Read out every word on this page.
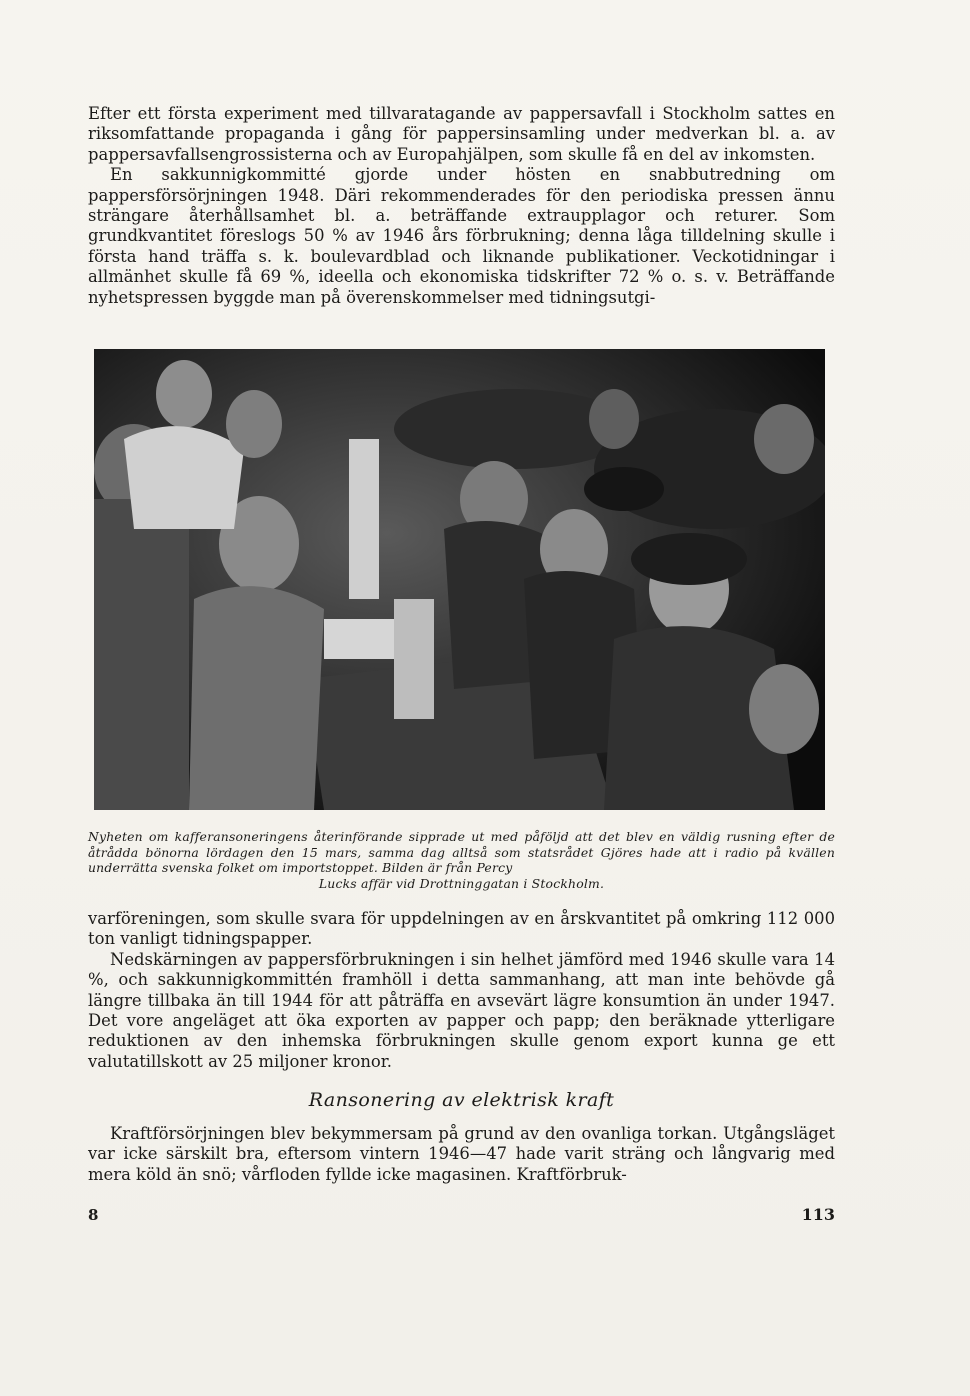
Efter ett första experiment med tillvaratagande av pappersavfall i Stockholm sattes en riksomfattande propaganda i gång för pappersinsamling under medverkan bl. a. av pappersavfallsengrossisterna och av Europahjälpen, som skulle få en del av inkomsten.

En sakkunnigkommitté gjorde under hösten en snabbutredning om pappersförsörjningen 1948. Däri rekommenderades för den periodiska pressen ännu strängare återhållsamhet bl. a. beträffande extraupplagor och returer. Som grundkvantitet föreslogs 50 % av 1946 års förbrukning; denna låga tilldelning skulle i första hand träffa s. k. boulevardblad och liknande publikationer. Veckotidningar i allmänhet skulle få 69 %, ideella och ekonomiska tidskrifter 72 % o. s. v. Beträffande nyhetspressen byggde man på överenskommelser med tidningsutgi-

Nyheten om kafferansoneringens återinförande sipprade ut med påföljd att det blev en väldig rusning efter de åtrådda bönorna lördagen den 15 mars, samma dag alltså som statsrådet Gjöres hade att i radio på kvällen underrätta svenska folket om importstoppet. Bilden är från Percy
Lucks affär vid Drottninggatan i Stockholm.

varföreningen, som skulle svara för uppdelningen av en årskvantitet på omkring 112 000 ton vanligt tidningspapper.

Nedskärningen av pappersförbrukningen i sin helhet jämförd med 1946 skulle vara 14 %, och sakkunnigkommittén framhöll i detta sammanhang, att man inte behövde gå längre tillbaka än till 1944 för att påträffa en avsevärt lägre konsumtion än under 1947. Det vore angeläget att öka exporten av papper och papp; den beräknade ytterligare reduktionen av den inhemska förbrukningen skulle genom export kunna ge ett valutatillskott av 25 miljoner kronor.

Ransonering av elektrisk kraft

Kraftförsörjningen blev bekymmersam på grund av den ovanliga torkan. Utgångsläget var icke särskilt bra, eftersom vintern 1946—47 hade varit sträng och långvarig med mera köld än snö; vårfloden fyllde icke magasinen. Kraftförbruk-

8	113
